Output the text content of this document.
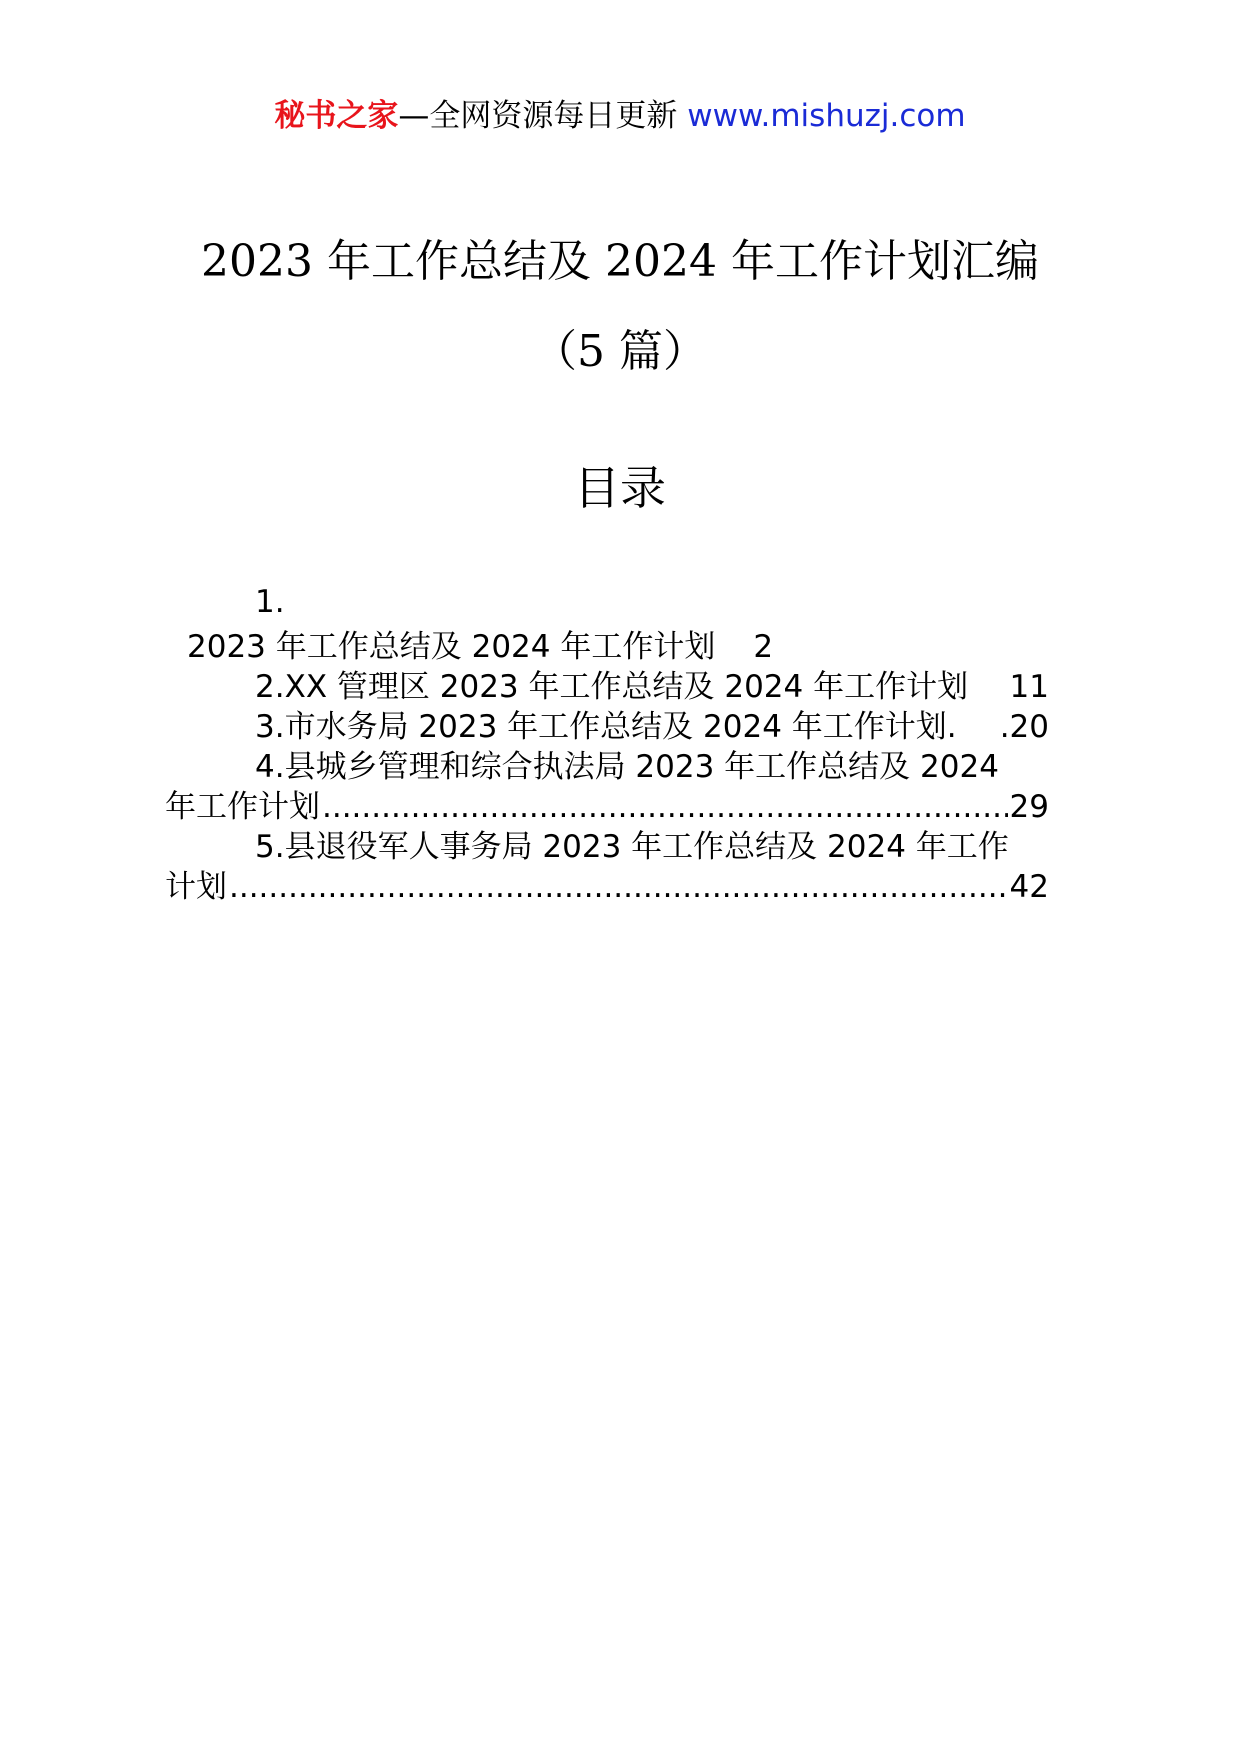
秘书之家—全网资源每日更新 www.mishuzj.com
2023 年工作总结及 2024 年工作计划汇编
（5 篇）
目录
1.
2023 年工作总结及 2024 年工作计划 2
2.XX 管理区 2023 年工作总结及 2024 年工作计划 11
3.市水务局 2023 年工作总结及 2024 年工作计划. .20
4.县城乡管理和综合执法局 2023 年工作总结及 2024
年工作计划 .....	29
5.县退役军人事务局 2023 年工作总结及 2024 年工作
计划 .....	42
